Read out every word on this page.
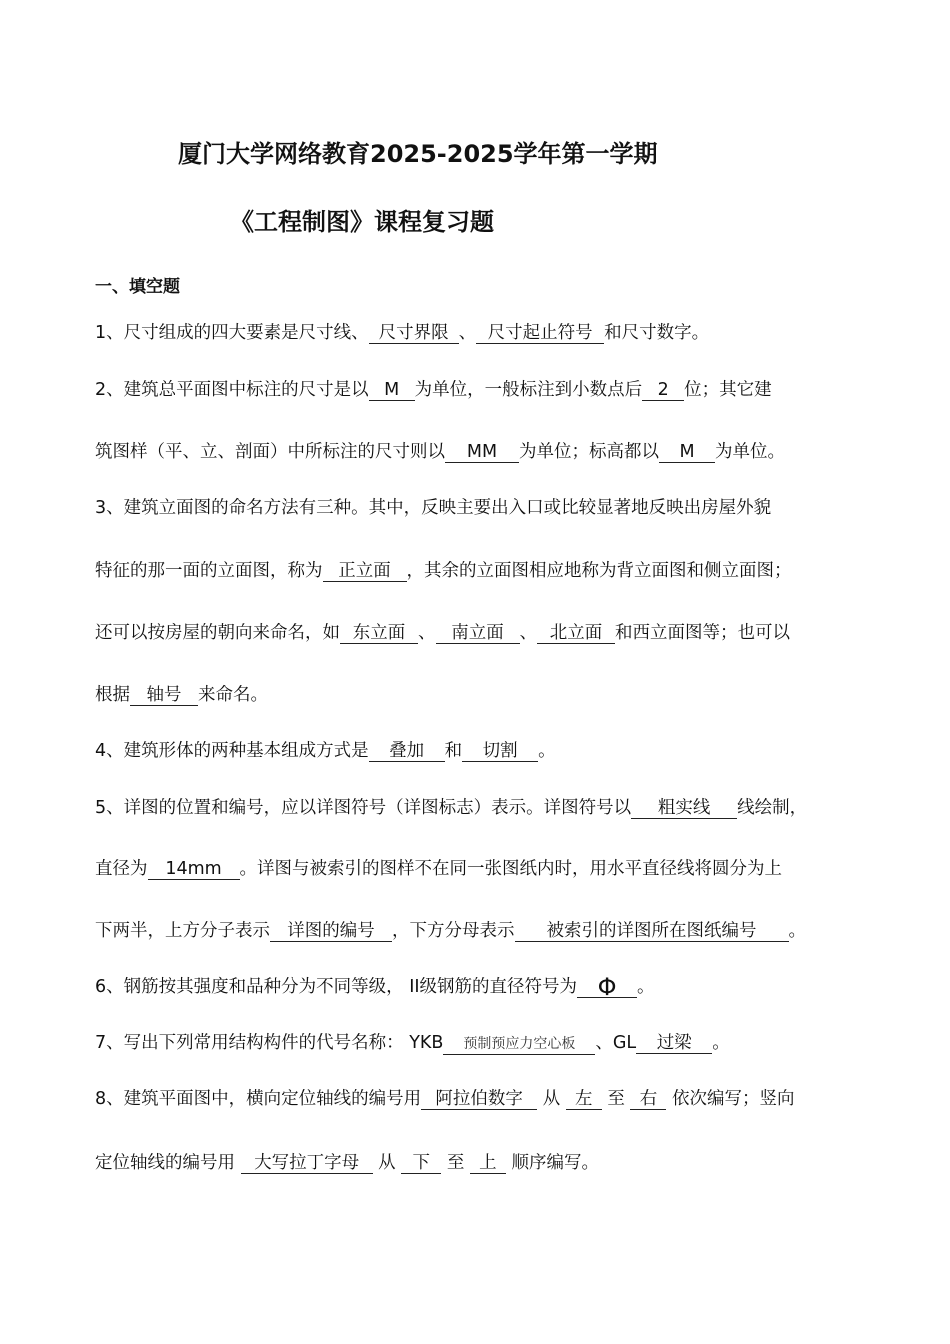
厦门大学网络教育2025-2025学年第一学期
《工程制图》课程复习题
一、填空题
1、尺寸组成的四大要素是尺寸线、 尺寸界限 、 尺寸起止符号 和尺寸数字。
2、建筑总平面图中标注的尺寸是以 M 为单位，一般标注到小数点后 2 位；其它建
筑图样（平、立、剖面）中所标注的尺寸则以 MM 为单位；标高都以 M 为单位。
3、建筑立面图的命名方法有三种。其中，反映主要出入口或比较显著地反映出房屋外貌
特征的那一面的立面图，称为 正立面 ，其余的立面图相应地称为背立面图和侧立面图；
还可以按房屋的朝向来命名，如 东立面 、 南立面 、 北立面 和西立面图等；也可以
根据 轴号 来命名。
4、建筑形体的两种基本组成方式是 叠加 和 切割 。
5、详图的位置和编号，应以详图符号（详图标志）表示。详图符号以 粗实线 线绘制，
直径为 14mm 。详图与被索引的图样不在同一张图纸内时，用水平直径线将圆分为上
下两半，上方分子表示 详图的编号 ，下方分母表示 被索引的详图所在图纸编号 。
6、钢筋按其强度和品种分为不同等级， II级钢筋的直径符号为 Φ 。
7、写出下列常用结构构件的代号名称： YKB 预制预应力空心板 、GL 过梁 。
8、建筑平面图中，横向定位轴线的编号用 阿拉伯数字 从 左 至 右 依次编写；竖向
定位轴线的编号用 大写拉丁字母 从 下 至 上 顺序编写。
